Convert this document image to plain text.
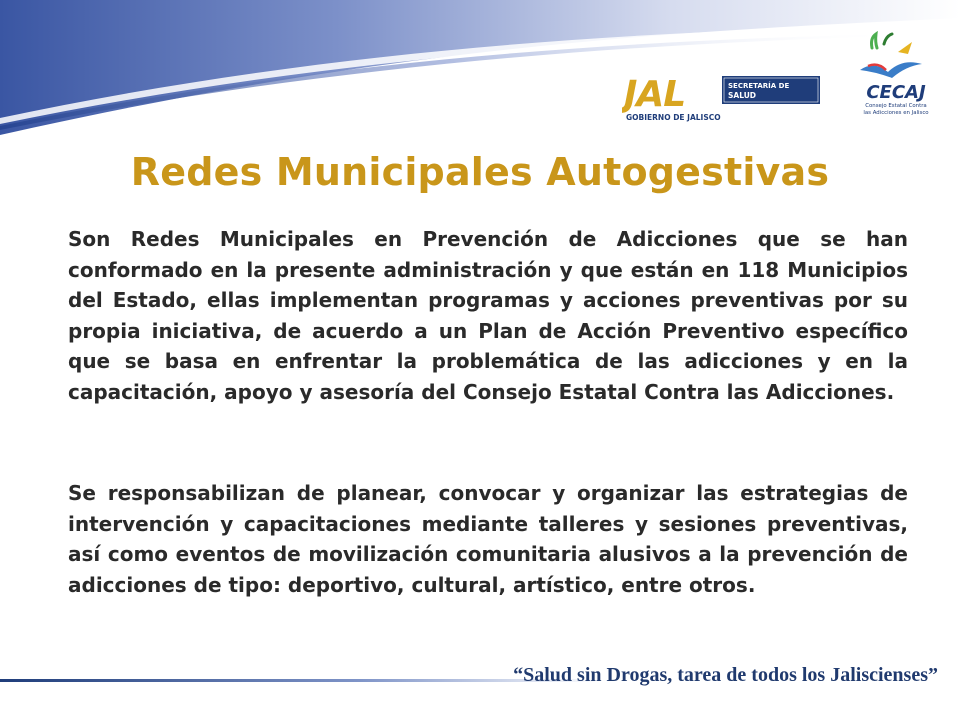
JAL
GOBIERNO DE JALISCO
SECRETARÍA DE
SALUD	CECAJ
Consejo Estatal Contra
las Adicciones en Jalisco
Redes Municipales Autogestivas

Son Redes Municipales en Prevención de Adicciones que se han conformado en la presente administración y que están en 118 Municipios del Estado, ellas implementan programas y acciones preventivas por su propia iniciativa, de acuerdo a un Plan de Acción Preventivo específico que se basa en enfrentar la problemática de las adicciones y en la capacitación, apoyo y asesoría del Consejo Estatal Contra las Adicciones.

Se responsabilizan de planear, convocar y organizar las estrategias de intervención y capacitaciones mediante talleres y sesiones preventivas, así como eventos de movilización comunitaria alusivos a la prevención de adicciones de tipo: deportivo, cultural, artístico, entre otros.

“Salud sin Drogas, tarea de todos los Jaliscienses”
